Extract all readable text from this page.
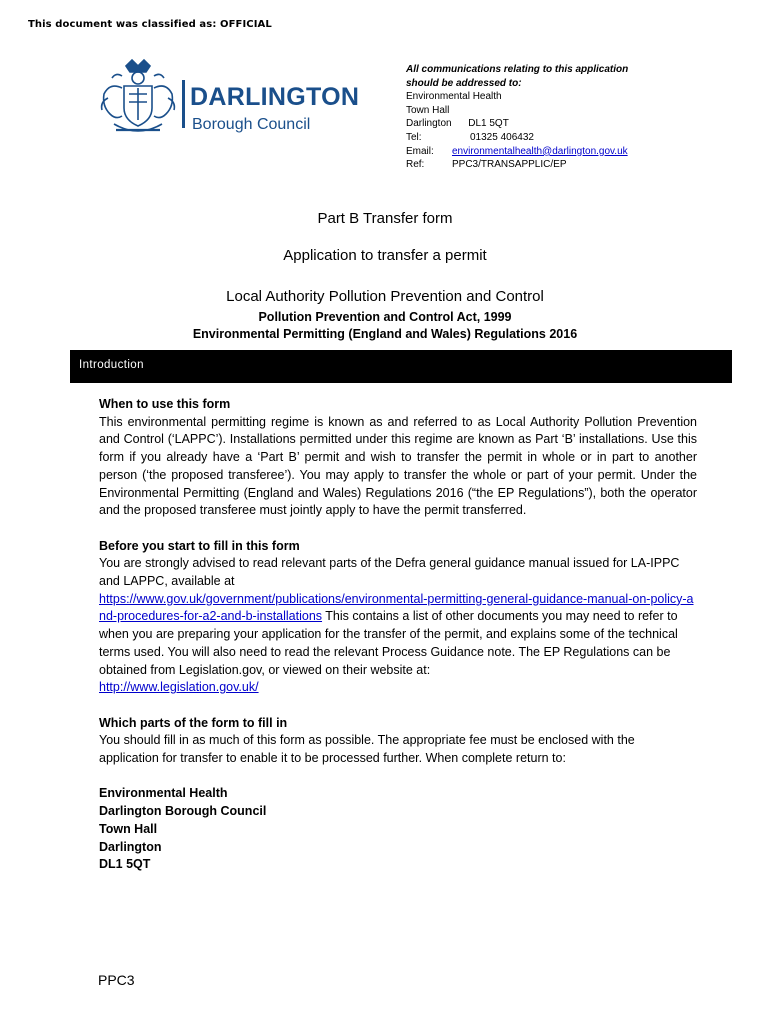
This document was classified as: OFFICIAL
DARLINGTON
Borough Council
All communications relating to this application
should be addressed to:
Environmental Health
Town Hall
Darlington      DL1 5QT
Tel:	01325 406432
Email:	environmentalhealth@darlington.gov.uk
Ref:	PPC3/TRANSAPPLIC/EP
Part B Transfer form
Application to transfer a permit
Local Authority Pollution Prevention and Control
Pollution Prevention and Control Act, 1999
Environmental Permitting (England and Wales) Regulations 2016
Introduction

When to use this form

This environmental permitting regime is known as and referred to as Local Authority Pollution Prevention and Control (‘LAPPC’). Installations permitted under this regime are known as Part ‘B’ installations. Use this form if you already have a ‘Part B’ permit and wish to transfer the permit in whole or in part to another person (‘the proposed transferee’). You may apply to transfer the whole or part of your permit. Under the Environmental Permitting (England and Wales) Regulations 2016 (“the EP Regulations”), both the operator and the proposed transferee must jointly apply to have the permit transferred.

Before you start to fill in this form

You are strongly advised to read relevant parts of the Defra general guidance manual issued for LA-IPPC and LAPPC, available at
https://www.gov.uk/government/publications/environmental-permitting-general-guidance-manual-on-policy-and-procedures-for-a2-and-b-installations This contains a list of other documents you may need to refer to when you are preparing your application for the transfer of the permit, and explains some of the technical terms used. You will also need to read the relevant Process Guidance note. The EP Regulations can be obtained from Legislation.gov, or viewed on their website at:

http://www.legislation.gov.uk/

Which parts of the form to fill in

You should fill in as much of this form as possible. The appropriate fee must be enclosed with the application for transfer to enable it to be processed further. When complete return to:

Environmental Health

Darlington Borough Council

Town Hall

Darlington

DL1 5QT

PPC3
